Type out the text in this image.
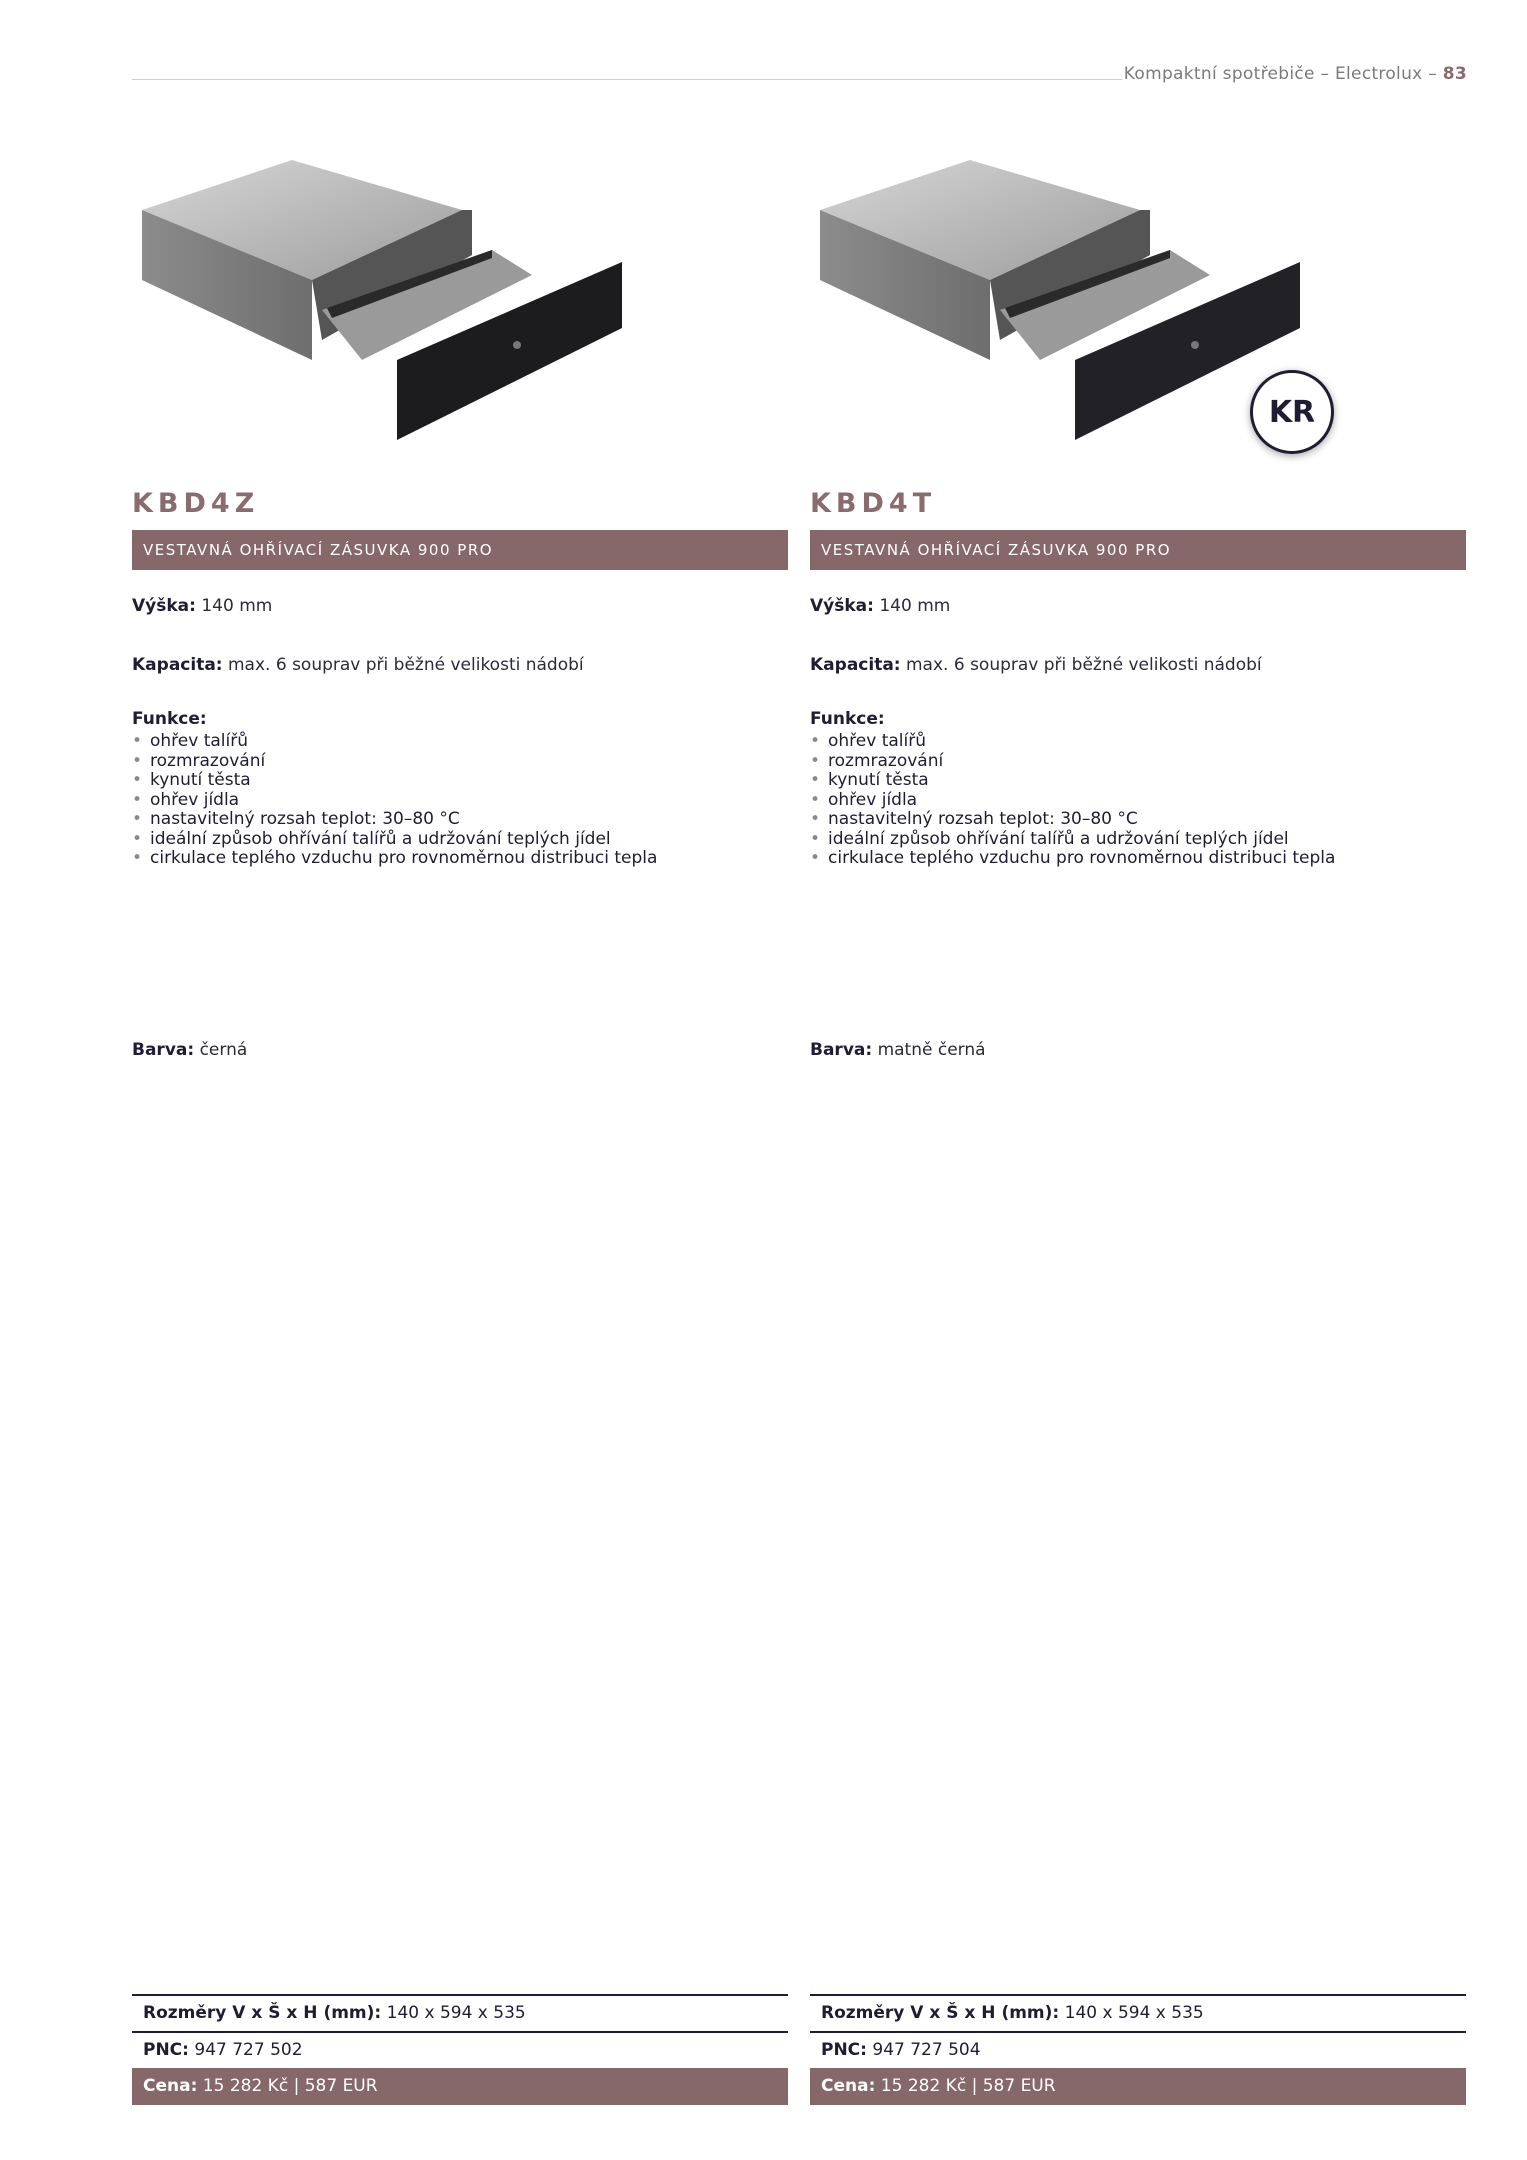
Kompaktní spotřebiče – Electrolux – 83
KBD4Z
VESTAVNÁ OHŘÍVACÍ ZÁSUVKA 900 PRO
Výška: 140 mm
Kapacita: max. 6 souprav při běžné velikosti nádobí
Funkce:
• ohřev talířů
• rozmrazování
• kynutí těsta
• ohřev jídla
• nastavitelný rozsah teplot: 30–80 °C
• ideální způsob ohřívání talířů a udržování teplých jídel
• cirkulace teplého vzduchu pro rovnoměrnou distribuci tepla
Barva: černá
Rozměry V x Š x H (mm): 140 x 594 x 535
PNC: 947 727 502
Cena: 15 282 Kč | 587 EUR
KR
KBD4T
VESTAVNÁ OHŘÍVACÍ ZÁSUVKA 900 PRO
Výška: 140 mm
Kapacita: max. 6 souprav při běžné velikosti nádobí
Funkce:
• ohřev talířů
• rozmrazování
• kynutí těsta
• ohřev jídla
• nastavitelný rozsah teplot: 30–80 °C
• ideální způsob ohřívání talířů a udržování teplých jídel
• cirkulace teplého vzduchu pro rovnoměrnou distribuci tepla
Barva: matně černá
Rozměry V x Š x H (mm): 140 x 594 x 535
PNC: 947 727 504
Cena: 15 282 Kč | 587 EUR
